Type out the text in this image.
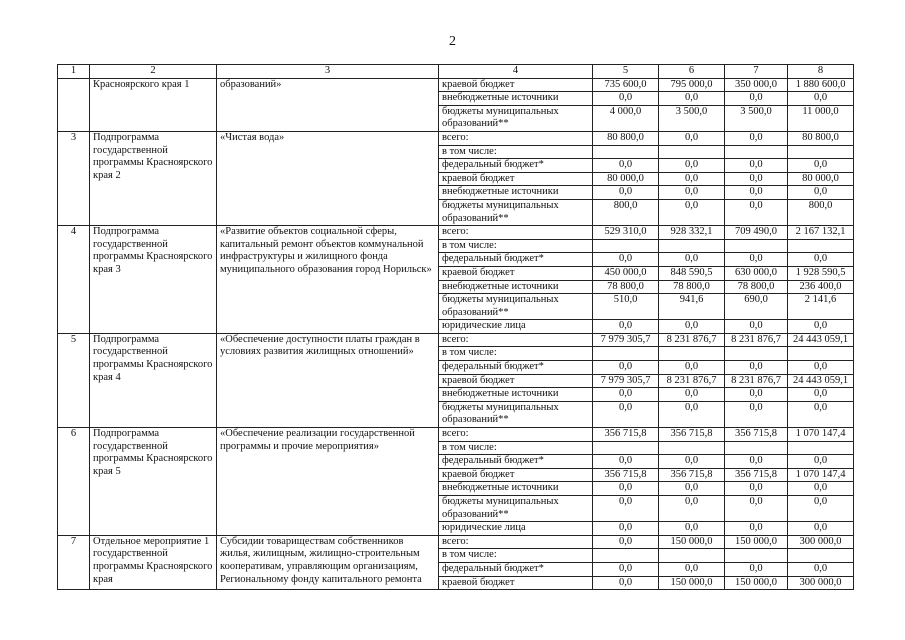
2
1	2	3	4	5	6	7	8
	Красноярского края 1	образований»	краевой бюджет	735 600,0	795 000,0	350 000,0	1 880 600,0
			внебюджетные источники	0,0	0,0	0,0	0,0
			бюджеты муниципальных образований**	4 000,0	3 500,0	3 500,0	11 000,0
3	Подпрограмма государственной программы Красноярского края 2	«Чистая вода»	всего:	80 800,0	0,0	0,0	80 800,0
			в том числе:				
			федеральный бюджет*	0,0	0,0	0,0	0,0
			краевой бюджет	80 000,0	0,0	0,0	80 000,0
			внебюджетные источники	0,0	0,0	0,0	0,0
			бюджеты муниципальных образований**	800,0	0,0	0,0	800,0
4	Подпрограмма государственной программы Красноярского края 3	«Развитие объектов социальной сферы, капитальный ремонт объектов коммунальной инфраструктуры и жилищного фонда муниципального образования город Норильск»	всего:	529 310,0	928 332,1	709 490,0	2 167 132,1
			в том числе:				
			федеральный бюджет*	0,0	0,0	0,0	0,0
			краевой бюджет	450 000,0	848 590,5	630 000,0	1 928 590,5
			внебюджетные источники	78 800,0	78 800,0	78 800,0	236 400,0
			бюджеты муниципальных образований**	510,0	941,6	690,0	2 141,6
			юридические лица	0,0	0,0	0,0	0,0
5	Подпрограмма государственной программы Красноярского края 4	«Обеспечение доступности платы граждан в условиях развития жилищных отношений»	всего:	7 979 305,7	8 231 876,7	8 231 876,7	24 443 059,1
			в том числе:				
			федеральный бюджет*	0,0	0,0	0,0	0,0
			краевой бюджет	7 979 305,7	8 231 876,7	8 231 876,7	24 443 059,1
			внебюджетные источники	0,0	0,0	0,0	0,0
			бюджеты муниципальных образований**	0,0	0,0	0,0	0,0
6	Подпрограмма государственной программы Красноярского края 5	«Обеспечение реализации государственной программы и прочие мероприятия»	всего:	356 715,8	356 715,8	356 715,8	1 070 147,4
			в том числе:				
			федеральный бюджет*	0,0	0,0	0,0	0,0
			краевой бюджет	356 715,8	356 715,8	356 715,8	1 070 147,4
			внебюджетные источники	0,0	0,0	0,0	0,0
			бюджеты муниципальных образований**	0,0	0,0	0,0	0,0
			юридические лица	0,0	0,0	0,0	0,0
7	Отдельное мероприятие 1 государственной программы Красноярского края	Субсидии товариществам собственников жилья, жилищным, жилищно-строительным кооперативам, управляющим организациям, Региональному фонду капитального ремонта	всего:	0,0	150 000,0	150 000,0	300 000,0
			в том числе:				
			федеральный бюджет*	0,0	0,0	0,0	0,0
			краевой бюджет	0,0	150 000,0	150 000,0	300 000,0
